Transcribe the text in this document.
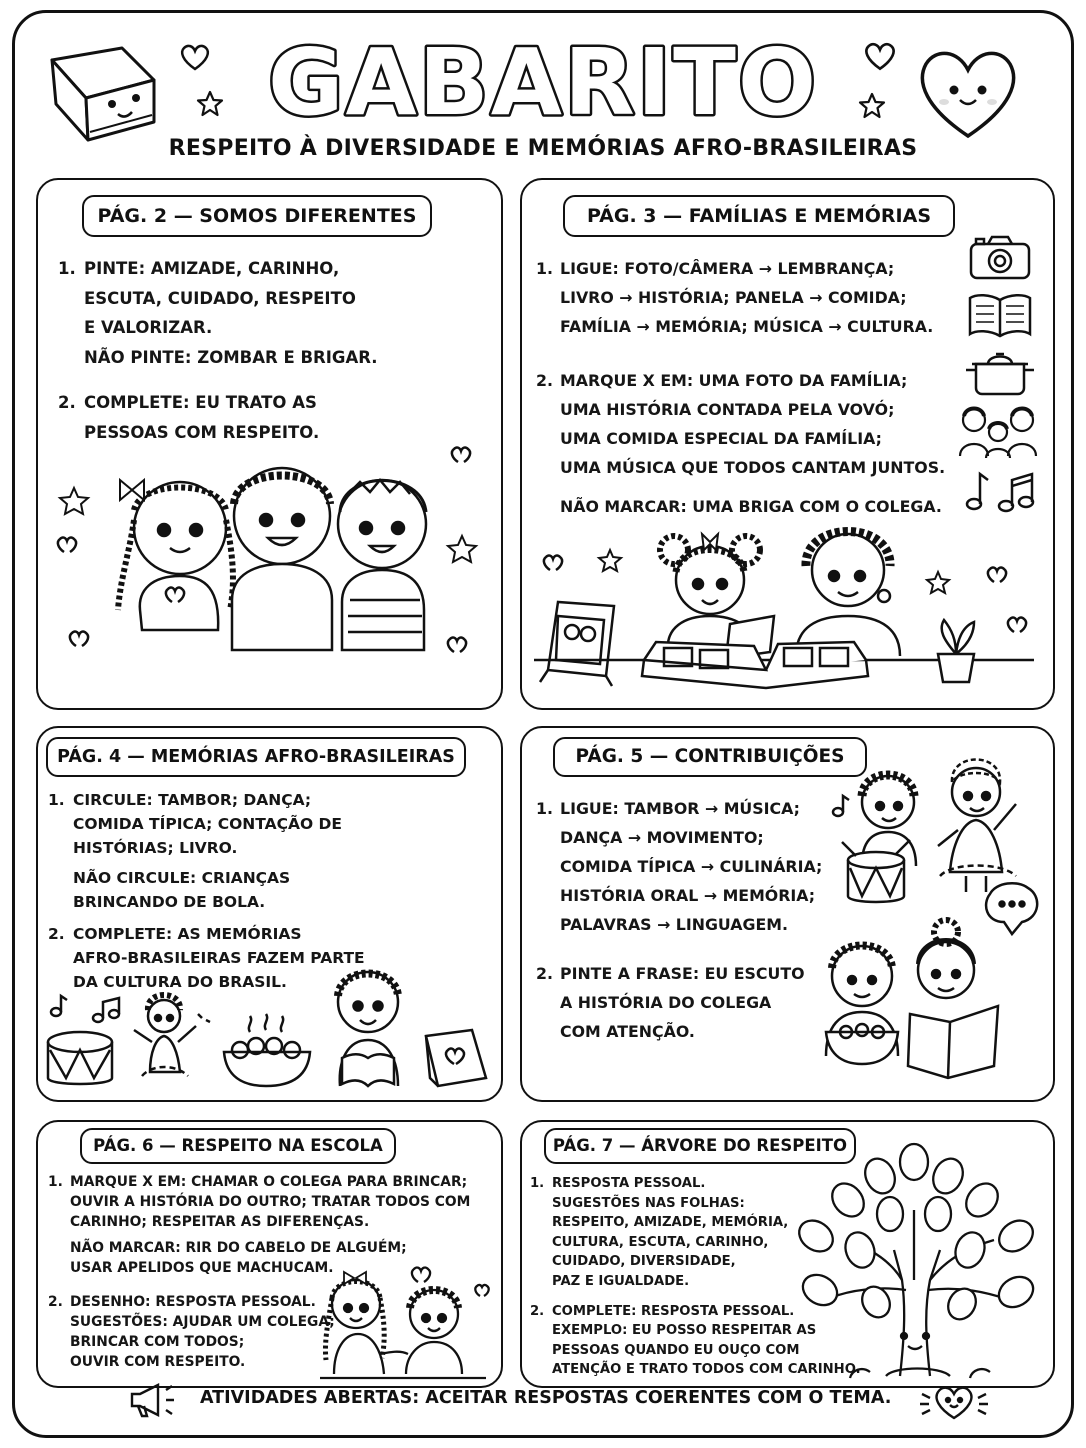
GABARITO
RESPEITO À DIVERSIDADE E MEMÓRIAS AFRO-BRASILEIRAS
PÁG. 2 — SOMOS DIFERENTES
1. PINTE: AMIZADE, CARINHO,
ESCUTA, CUIDADO, RESPEITO
E VALORIZAR.
NÃO PINTE: ZOMBAR E BRIGAR.
2. COMPLETE: EU TRATO AS
PESSOAS COM RESPEITO.
PÁG. 3 — FAMÍLIAS E MEMÓRIAS
1. LIGUE: FOTO/CÂMERA → LEMBRANÇA;
LIVRO → HISTÓRIA; PANELA → COMIDA;
FAMÍLIA → MEMÓRIA; MÚSICA → CULTURA.
2. MARQUE X EM: UMA FOTO DA FAMÍLIA;
UMA HISTÓRIA CONTADA PELA VOVÓ;
UMA COMIDA ESPECIAL DA FAMÍLIA;
UMA MÚSICA QUE TODOS CANTAM JUNTOS.
NÃO MARCAR: UMA BRIGA COM O COLEGA.
PÁG. 4 — MEMÓRIAS AFRO-BRASILEIRAS
1. CIRCULE: TAMBOR; DANÇA;
COMIDA TÍPICA; CONTAÇÃO DE
HISTÓRIAS; LIVRO.
NÃO CIRCULE: CRIANÇAS
BRINCANDO DE BOLA.
2. COMPLETE: AS MEMÓRIAS
AFRO-BRASILEIRAS FAZEM PARTE
DA CULTURA DO BRASIL.
PÁG. 5 — CONTRIBUIÇÕES
1. LIGUE: TAMBOR → MÚSICA;
DANÇA → MOVIMENTO;
COMIDA TÍPICA → CULINÁRIA;
HISTÓRIA ORAL → MEMÓRIA;
PALAVRAS → LINGUAGEM.
2. PINTE A FRASE: EU ESCUTO
A HISTÓRIA DO COLEGA
COM ATENÇÃO.
PÁG. 6 — RESPEITO NA ESCOLA
1. MARQUE X EM: CHAMAR O COLEGA PARA BRINCAR;
OUVIR A HISTÓRIA DO OUTRO; TRATAR TODOS COM
CARINHO; RESPEITAR AS DIFERENÇAS.
NÃO MARCAR: RIR DO CABELO DE ALGUÉM;
USAR APELIDOS QUE MACHUCAM.
2. DESENHO: RESPOSTA PESSOAL.
SUGESTÕES: AJUDAR UM COLEGA;
BRINCAR COM TODOS;
OUVIR COM RESPEITO.
PÁG. 7 — ÁRVORE DO RESPEITO
1. RESPOSTA PESSOAL.
SUGESTÕES NAS FOLHAS:
RESPEITO, AMIZADE, MEMÓRIA,
CULTURA, ESCUTA, CARINHO,
CUIDADO, DIVERSIDADE,
PAZ E IGUALDADE.
2. COMPLETE: RESPOSTA PESSOAL.
EXEMPLO: EU POSSO RESPEITAR AS
PESSOAS QUANDO EU OUÇO COM
ATENÇÃO E TRATO TODOS COM CARINHO.
ATIVIDADES ABERTAS: ACEITAR RESPOSTAS COERENTES COM O TEMA.
